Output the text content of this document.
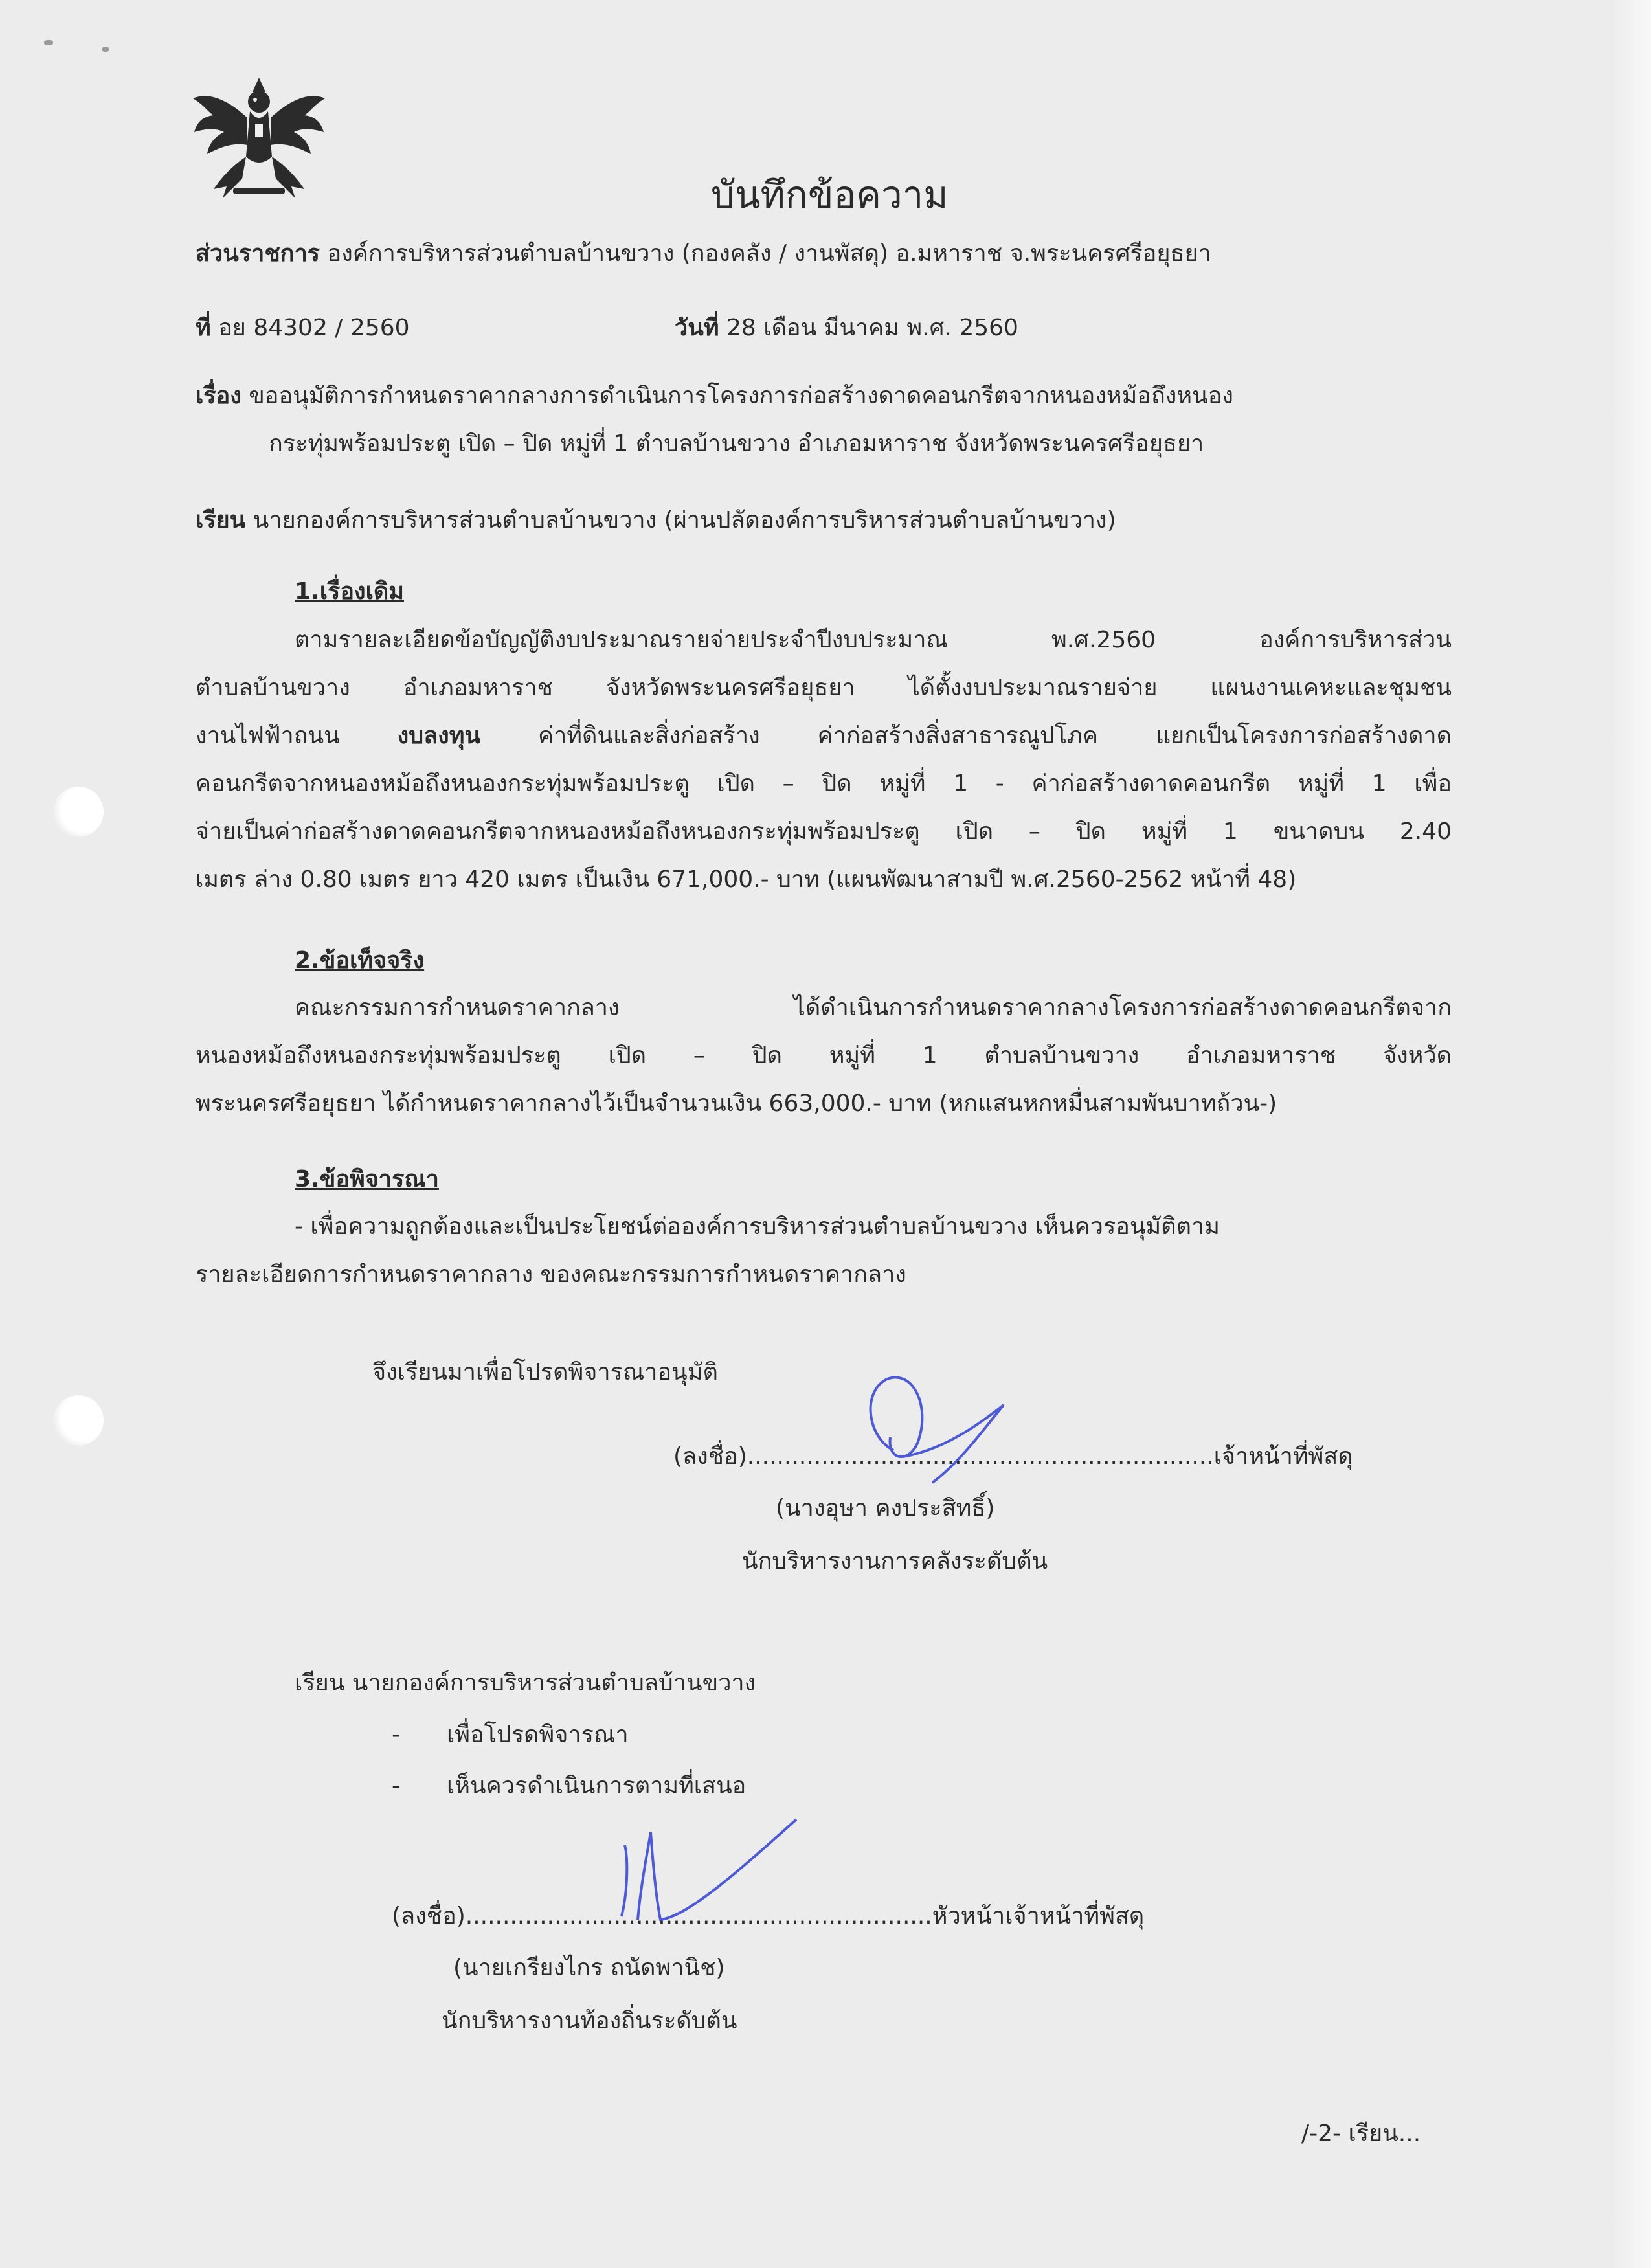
บันทึกข้อความ
ส่วนราชการ องค์การบริหารส่วนตำบลบ้านขวาง (กองคลัง / งานพัสดุ) อ.มหาราช จ.พระนครศรีอยุธยา
ที่ อย 84302 / 2560	วันที่ 28 เดือน มีนาคม พ.ศ. 2560
เรื่อง ขออนุมัติการกำหนดราคากลางการดำเนินการโครงการก่อสร้างดาดคอนกรีตจากหนองหม้อถึงหนอง
กระทุ่มพร้อมประตู เปิด – ปิด หมู่ที่ 1 ตำบลบ้านขวาง อำเภอมหาราช จังหวัดพระนครศรีอยุธยา
เรียน นายกองค์การบริหารส่วนตำบลบ้านขวาง (ผ่านปลัดองค์การบริหารส่วนตำบลบ้านขวาง)
1.เรื่องเดิม
ตามรายละเอียดข้อบัญญัติงบประมาณรายจ่ายประจำปีงบประมาณ พ.ศ.2560 องค์การบริหารส่วน
ตำบลบ้านขวาง อำเภอมหาราช จังหวัดพระนครศรีอยุธยา ได้ตั้งงบประมาณรายจ่าย แผนงานเคหะและชุมชน
งานไฟฟ้าถนน งบลงทุน ค่าที่ดินและสิ่งก่อสร้าง ค่าก่อสร้างสิ่งสาธารณูปโภค แยกเป็นโครงการก่อสร้างดาด
คอนกรีตจากหนองหม้อถึงหนองกระทุ่มพร้อมประตู เปิด – ปิด หมู่ที่ 1 - ค่าก่อสร้างดาดคอนกรีต หมู่ที่ 1 เพื่อ
จ่ายเป็นค่าก่อสร้างดาดคอนกรีตจากหนองหม้อถึงหนองกระทุ่มพร้อมประตู เปิด – ปิด หมู่ที่ 1 ขนาดบน 2.40
เมตร ล่าง 0.80 เมตร ยาว 420 เมตร เป็นเงิน 671,000.- บาท (แผนพัฒนาสามปี พ.ศ.2560-2562 หน้าที่ 48)
2.ข้อเท็จจริง
คณะกรรมการกำหนดราคากลาง ได้ดำเนินการกำหนดราคากลางโครงการก่อสร้างดาดคอนกรีตจาก
หนองหม้อถึงหนองกระทุ่มพร้อมประตู เปิด – ปิด หมู่ที่ 1 ตำบลบ้านขวาง อำเภอมหาราช จังหวัด
พระนครศรีอยุธยา ได้กำหนดราคากลางไว้เป็นจำนวนเงิน 663,000.- บาท (หกแสนหกหมื่นสามพันบาทถ้วน-)
3.ข้อพิจารณา
- เพื่อความถูกต้องและเป็นประโยชน์ต่อองค์การบริหารส่วนตำบลบ้านขวาง เห็นควรอนุมัติตาม
รายละเอียดการกำหนดราคากลาง ของคณะกรรมการกำหนดราคากลาง
จึงเรียนมาเพื่อโปรดพิจารณาอนุมัติ
(ลงชื่อ)...............................................................เจ้าหน้าที่พัสดุ
(นางอุษา คงประสิทธิ์)
นักบริหารงานการคลังระดับต้น
เรียน นายกองค์การบริหารส่วนตำบลบ้านขวาง
- เพื่อโปรดพิจารณา
- เห็นควรดำเนินการตามที่เสนอ
(ลงชื่อ)...............................................................หัวหน้าเจ้าหน้าที่พัสดุ
(นายเกรียงไกร ถนัดพานิช)
นักบริหารงานท้องถิ่นระดับต้น
/-2- เรียน...
